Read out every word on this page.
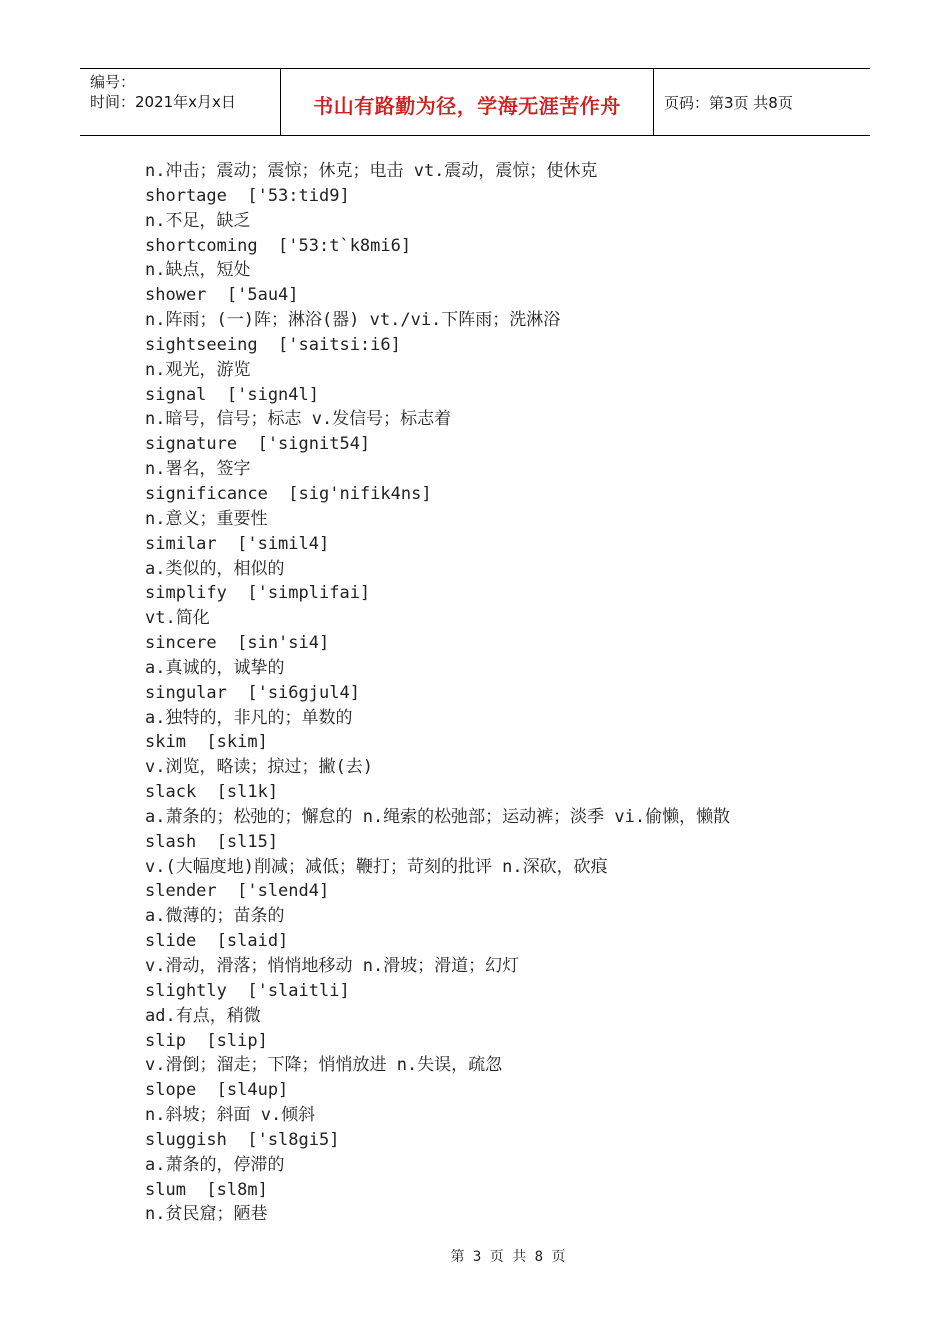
编号：
时间：2021年x月x日	书山有路勤为径，学海无涯苦作舟	页码：第3页 共8页
n.冲击；震动；震惊；休克；电击 vt.震动，震惊；使休克
shortage  ['53:tid9]
n.不足，缺乏
shortcoming  ['53:t`k8mi6]
n.缺点，短处
shower  ['5au4]
n.阵雨；(一)阵；淋浴(器) vt./vi.下阵雨；洗淋浴
sightseeing  ['saitsi:i6]
n.观光，游览
signal  ['sign4l]
n.暗号，信号；标志 v.发信号；标志着
signature  ['signit54]
n.署名，签字
significance  [sig'nifik4ns]
n.意义；重要性
similar  ['simil4]
a.类似的，相似的
simplify  ['simplifai]
vt.简化
sincere  [sin'si4]
a.真诚的，诚挚的
singular  ['si6gjul4]
a.独特的，非凡的；单数的
skim  [skim]
v.浏览，略读；掠过；撇(去)
slack  [sl1k]
a.萧条的；松弛的；懈怠的 n.绳索的松弛部；运动裤；淡季 vi.偷懒，懒散
slash  [sl15]
v.(大幅度地)削减；减低；鞭打；苛刻的批评 n.深砍，砍痕
slender  ['slend4]
a.微薄的；苗条的
slide  [slaid]
v.滑动，滑落；悄悄地移动 n.滑坡；滑道；幻灯
slightly  ['slaitli]
ad.有点，稍微
slip  [slip]
v.滑倒；溜走；下降；悄悄放进 n.失误，疏忽
slope  [sl4up]
n.斜坡；斜面 v.倾斜
sluggish  ['sl8gi5]
a.萧条的，停滞的
slum  [sl8m]
n.贫民窟；陋巷
第 3 页 共 8 页
